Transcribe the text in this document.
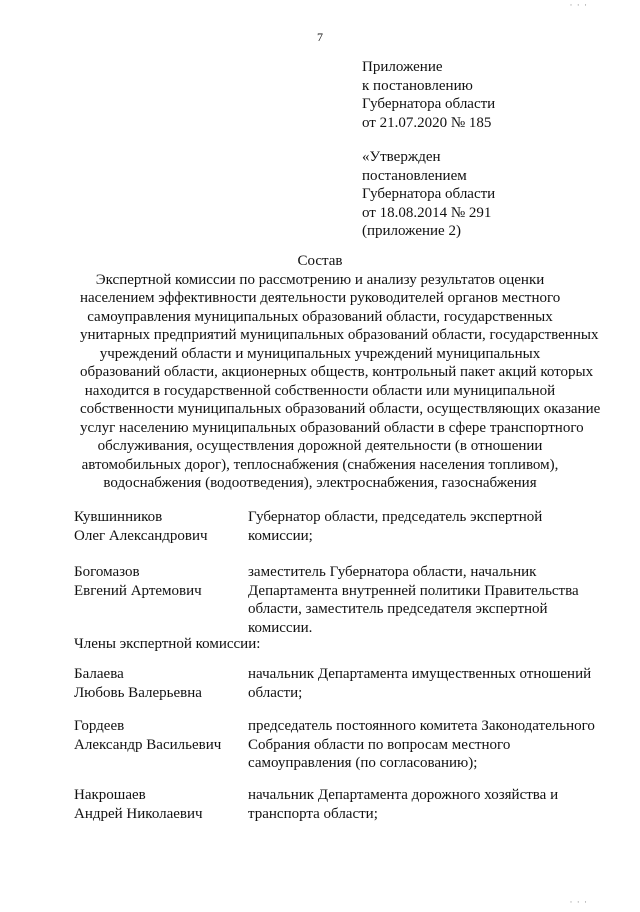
· · ·
7
Приложение
к постановлению
Губернатора области
от 21.07.2020 № 185
«Утвержден
постановлением
Губернатора области
от 18.08.2014 № 291
(приложение 2)
Состав
Экспертной комиссии по рассмотрению и анализу результатов оценки
населением эффективности деятельности руководителей органов местного
самоуправления муниципальных образований области, государственных
унитарных предприятий муниципальных образований области, государственных
учреждений области и муниципальных учреждений муниципальных
образований области, акционерных обществ, контрольный пакет акций которых
находится в государственной собственности области или муниципальной
собственности муниципальных образований области, осуществляющих оказание
услуг населению муниципальных образований области в сфере транспортного
обслуживания, осуществления дорожной деятельности (в отношении
автомобильных дорог), теплоснабжения (снабжения населения топливом),
водоснабжения (водоотведения), электроснабжения, газоснабжения
Кувшинников
Олег Александрович
Губернатор области, председатель экспертной
комиссии;
Богомазов
Евгений Артемович
заместитель Губернатора области, начальник
Департамента внутренней политики Правительства
области, заместитель председателя экспертной
комиссии.
Члены экспертной комиссии:
Балаева
Любовь Валерьевна
начальник Департамента имущественных отношений
области;
Гордеев
Александр Васильевич
председатель постоянного комитета Законодательного
Собрания области по вопросам местного
самоуправления (по согласованию);
Накрошаев
Андрей Николаевич
начальник Департамента дорожного хозяйства и
транспорта области;
· · ·
